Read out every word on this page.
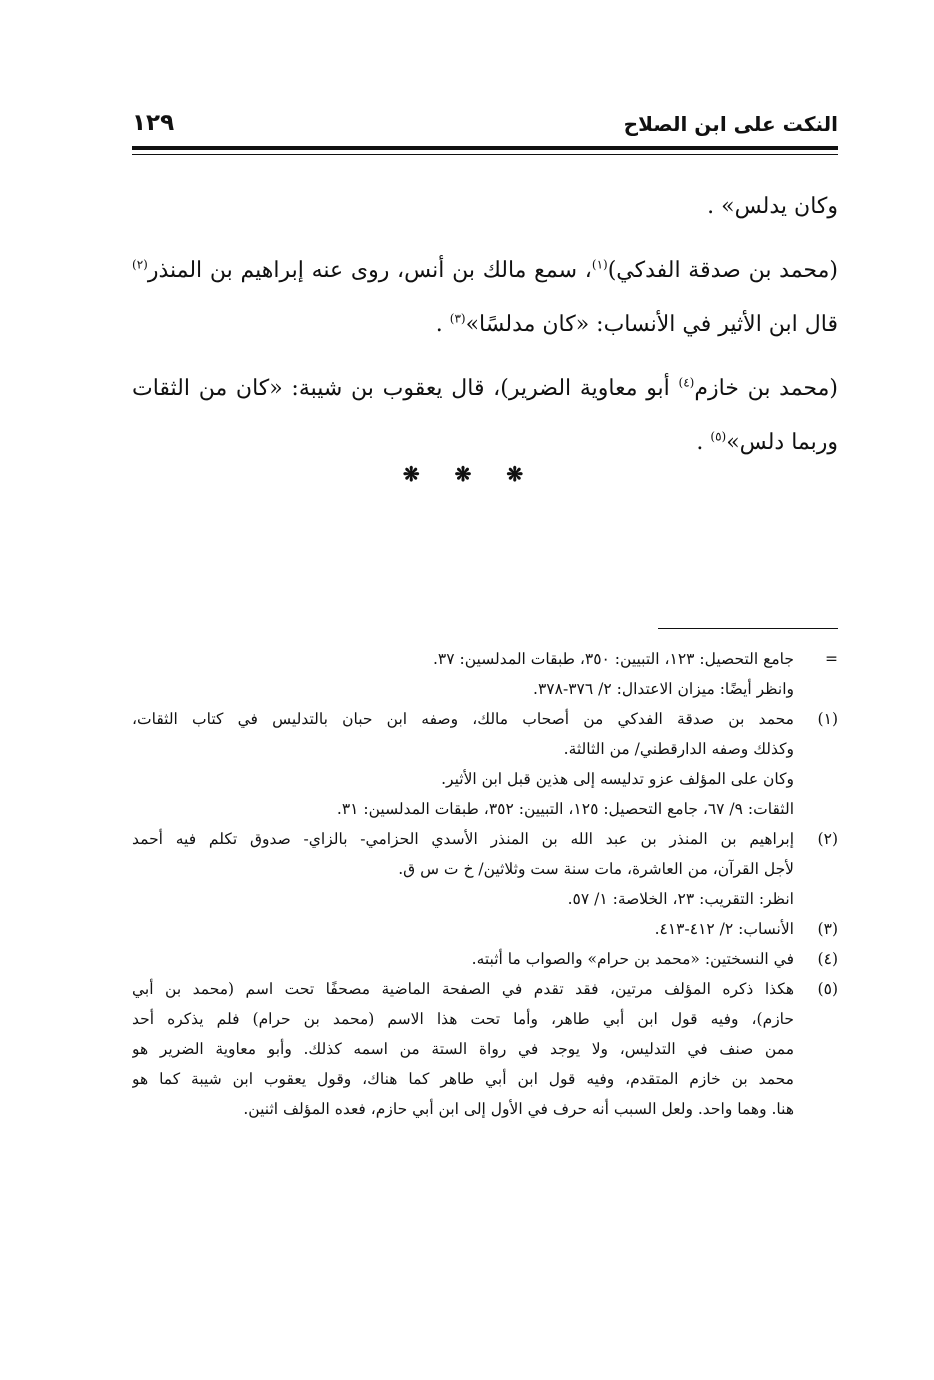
النكت على ابن الصلاح
١٢٩

وكان يدلس» .

(محمد بن صدقة الفدكي)$^{(١)}$، سمع مالك بن أنس، روى عنه إبراهيم بن المنذر$^{(٢)}$ قال ابن الأثير في الأنساب: «كان مدلسًا»$^{(٣)}$ .

(محمد بن خازم$^{(٤)}$ أبو معاوية الضرير)، قال يعقوب بن شيبة: «كان من الثقات وربما دلس»$^{(٥)}$ .

❋ ❋ ❋
=
جامع التحصيل: ١٢٣، التبيين: ٣٥٠، طبقات المدلسين: ٣٧.
وانظر أيضًا: ميزان الاعتدال: ٢/ ٣٧٦-٣٧٨.
(١)
محمد بن صدقة الفدكي من أصحاب مالك، وصفه ابن حبان بالتدليس في كتاب الثقات،
وكذلك وصفه الدارقطني/ من الثالثة.
وكان على المؤلف عزو تدليسه إلى هذين قبل ابن الأثير.
الثقات: ٩/ ٦٧، جامع التحصيل: ١٢٥، التبيين: ٣٥٢، طبقات المدلسين: ٣١.
(٢)
إبراهيم بن المنذر بن عبد الله بن المنذر الأسدي الحزامي- بالزاي- صدوق تكلم فيه أحمد
لأجل القرآن، من العاشرة، مات سنة ست وثلاثين/ خ ت س ق.
انظر: التقريب: ٢٣، الخلاصة: ١/ ٥٧.
(٣)
الأنساب: ٢/ ٤١٢-٤١٣.
(٤)
في النسختين: «محمد بن حرام» والصواب ما أثبته.
(٥)
هكذا ذكره المؤلف مرتين، فقد تقدم في الصفحة الماضية مصحفًا تحت اسم (محمد بن أبي
حازم)، وفيه قول ابن أبي طاهر، وأما تحت هذا الاسم (محمد بن حرام) فلم يذكره أحد
ممن صنف في التدليس، ولا يوجد في رواة الستة من اسمه كذلك. وأبو معاوية الضرير هو
محمد بن خازم المتقدم، وفيه قول ابن أبي طاهر كما هناك، وقول يعقوب ابن شيبة كما هو
هنا. وهما واحد. ولعل السبب أنه حرف في الأول إلى ابن أبي حازم، فعده المؤلف اثنين.
